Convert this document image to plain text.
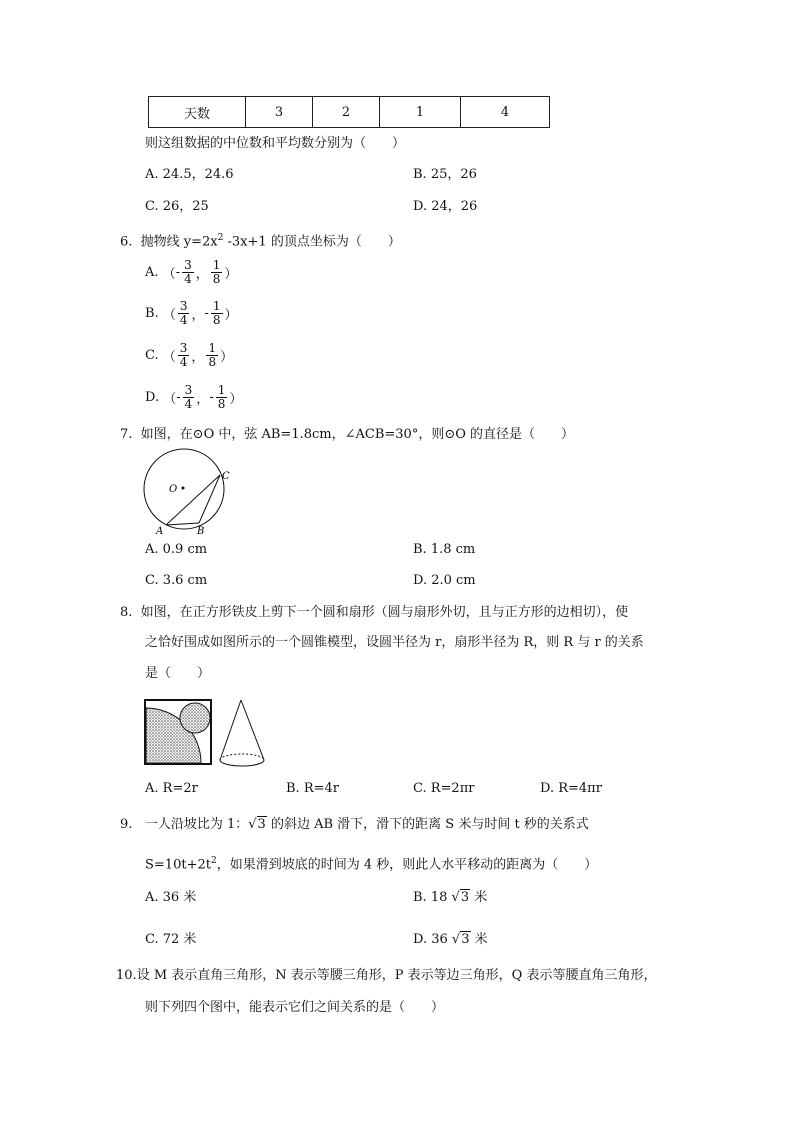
天数	3	2	1	4
则这组数据的中位数和平均数分别为（　　）
A. 24.5，24.6	B. 25，26
C. 26，25	D. 24，26
6. 抛物线 $y=2x^2$ -3x+1 的顶点坐标为（　　）
A.
（ - $\frac{3}{4}$ ， $\frac{1}{8}$ ）
B.
（ $\frac{3}{4}$ ， - $\frac{1}{8}$ ）
C.
（ $\frac{3}{4}$ ， $\frac{1}{8}$ ）
D.
（ - $\frac{3}{4}$ ， - $\frac{1}{8}$ ）
7. 如图，在⊙O 中，弦 AB=1.8cm，∠ACB=30°，则⊙O 的直径是（　　）
O
A	B
C
A. 0.9 cm	B. 1.8 cm
C. 3.6 cm	D. 2.0 cm
8. 如图，在正方形铁皮上剪下一个圆和扇形（圆与扇形外切，且与正方形的边相切），使
之恰好围成如图所示的一个圆锥模型，设圆半径为 r，扇形半径为 R，则 R 与 r 的关系
是（　　）
A. R=2r	B. R=4r	C. R=2πr	D. R=4πr
9. 一人沿坡比为 1：√3 的斜边 AB 滑下，滑下的距离 S 米与时间 t 秒的关系式
$S=10t+2t^2$，如果滑到坡底的时间为 4 秒，则此人水平移动的距离为（　　）
A. 36 米	B. 18 √3 米
C. 72 米	D. 36 √3 米
10.设 M 表示直角三角形，N 表示等腰三角形，P 表示等边三角形，Q 表示等腰直角三角形，
则下列四个图中，能表示它们之间关系的是（　　）
